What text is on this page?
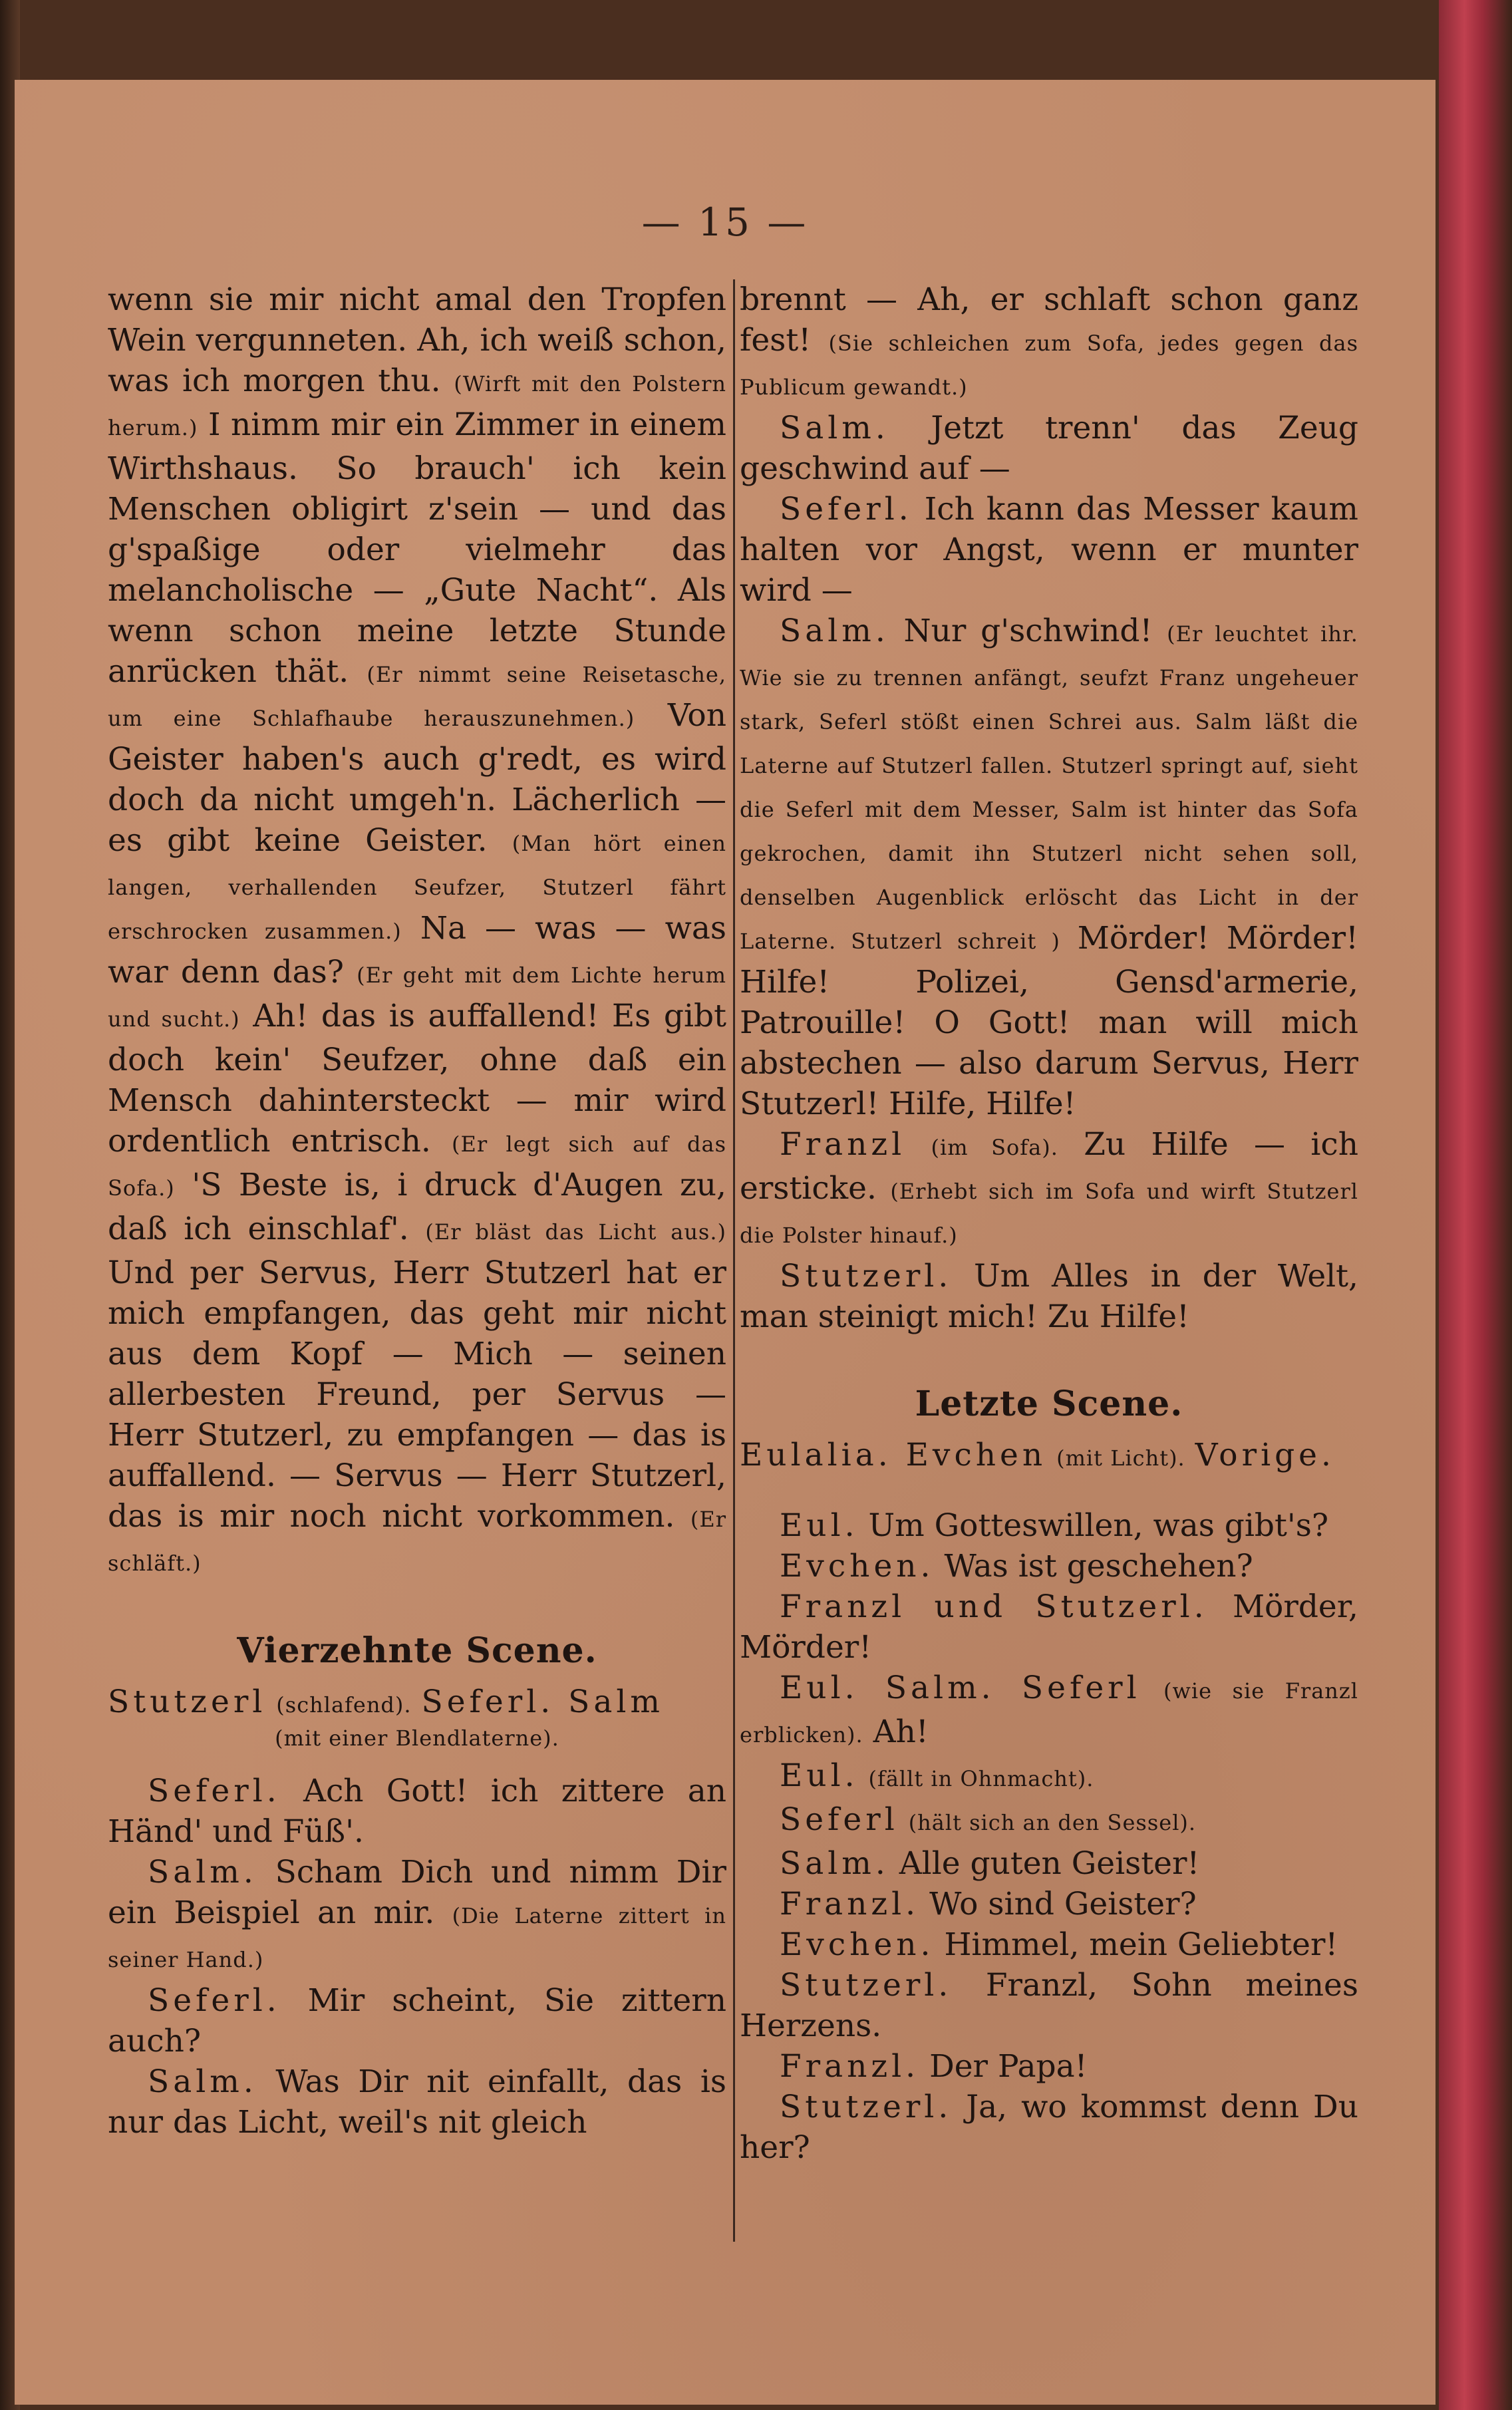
— 15 —

wenn sie mir nicht amal den Tropfen Wein vergunneten. Ah, ich weiß schon, was ich morgen thu. (Wirft mit den Polstern herum.) I nimm mir ein Zimmer in einem Wirthshaus. So brauch' ich kein Menschen obligirt z'sein — und das g'spaßige oder vielmehr das melancholische — „Gute Nacht“. Als wenn schon meine letzte Stunde anrücken thät. (Er nimmt seine Reisetasche, um eine Schlafhaube herauszunehmen.) Von Geister haben's auch g'redt, es wird doch da nicht umgeh'n. Lächerlich — es gibt keine Geister. (Man hört einen langen, verhallenden Seufzer, Stutzerl fährt erschrocken zusammen.) Na — was — was war denn das? (Er geht mit dem Lichte herum und sucht.) Ah! das is auffallend! Es gibt doch kein' Seufzer, ohne daß ein Mensch dahintersteckt — mir wird ordentlich entrisch. (Er legt sich auf das Sofa.) 'S Beste is, i druck d'Augen zu, daß ich einschlaf'. (Er bläst das Licht aus.) Und per Servus, Herr Stutzerl hat er mich empfangen, das geht mir nicht aus dem Kopf — Mich — seinen allerbesten Freund, per Servus — Herr Stutzerl, zu empfangen — das is auffallend. — Servus — Herr Stutzerl, das is mir noch nicht vorkommen. (Er schläft.)

Vierzehnte Scene.

Stutzerl (schlafend). Seferl. Salm

(mit einer Blendlaterne).

Seferl. Ach Gott! ich zittere an Händ' und Füß'.

Salm. Scham Dich und nimm Dir ein Beispiel an mir. (Die Laterne zittert in seiner Hand.)

Seferl. Mir scheint, Sie zittern auch?

Salm. Was Dir nit einfallt, das is nur das Licht, weil's nit gleich

brennt — Ah, er schlaft schon ganz fest! (Sie schleichen zum Sofa, jedes gegen das Publicum gewandt.)

Salm. Jetzt trenn' das Zeug geschwind auf —

Seferl. Ich kann das Messer kaum halten vor Angst, wenn er munter wird —

Salm. Nur g'schwind! (Er leuchtet ihr. Wie sie zu trennen anfängt, seufzt Franz ungeheuer stark, Seferl stößt einen Schrei aus. Salm läßt die Laterne auf Stutzerl fallen. Stutzerl springt auf, sieht die Seferl mit dem Messer, Salm ist hinter das Sofa gekrochen, damit ihn Stutzerl nicht sehen soll, denselben Augenblick erlöscht das Licht in der Laterne. Stutzerl schreit ) Mörder! Mörder! Hilfe! Polizei, Gensd'armerie, Patrouille! O Gott! man will mich abstechen — also darum Servus, Herr Stutzerl! Hilfe, Hilfe!

Franzl (im Sofa). Zu Hilfe — ich ersticke. (Erhebt sich im Sofa und wirft Stutzerl die Polster hinauf.)

Stutzerl. Um Alles in der Welt, man steinigt mich! Zu Hilfe!

Letzte Scene.

Eulalia. Evchen (mit Licht). Vorige.

Eul. Um Gotteswillen, was gibt's?

Evchen. Was ist geschehen?

Franzl und Stutzerl. Mörder, Mörder!

Eul. Salm. Seferl (wie sie Franzl erblicken). Ah!

Eul. (fällt in Ohnmacht).

Seferl (hält sich an den Sessel).

Salm. Alle guten Geister!

Franzl. Wo sind Geister?

Evchen. Himmel, mein Geliebter!

Stutzerl. Franzl, Sohn meines Herzens.

Franzl. Der Papa!

Stutzerl. Ja, wo kommst denn Du her?
